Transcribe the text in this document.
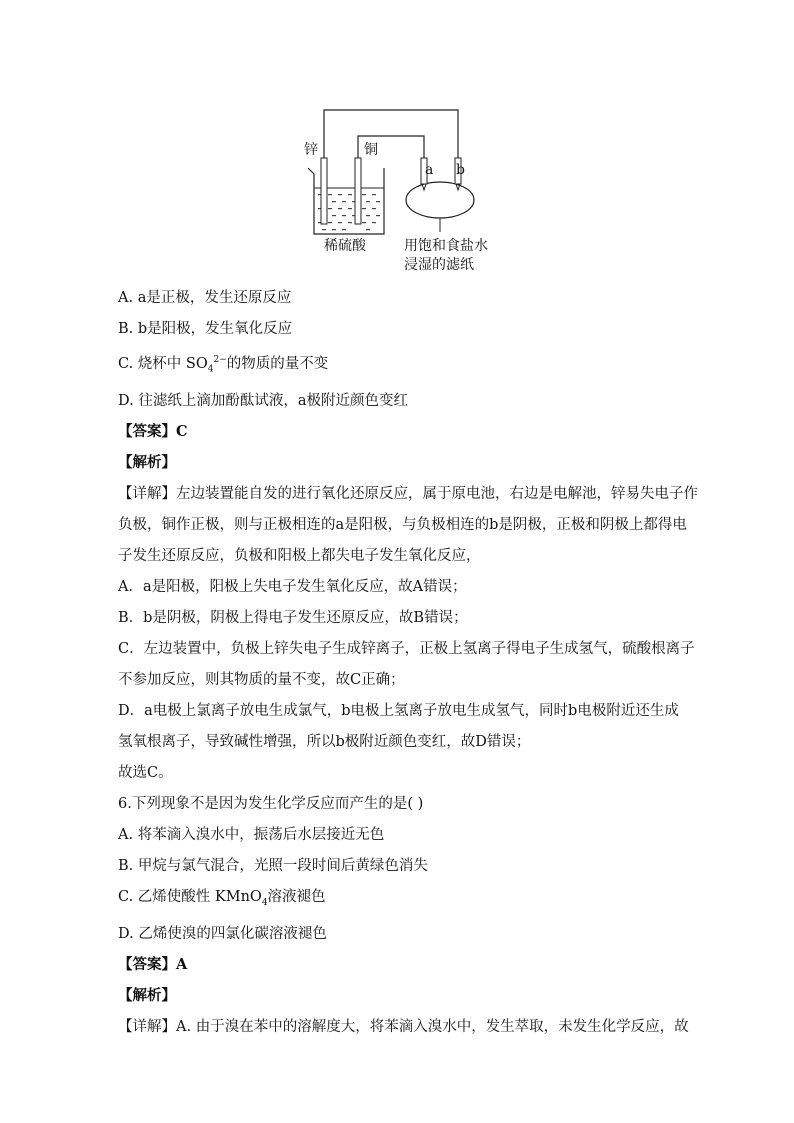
锌	铜
a b
稀硫酸	用饱和食盐水
浸湿的滤纸
A. a是正极，发生还原反应
B. b是阳极，发生氧化反应
C. 烧杯中 $SO_4^{2-}$的物质的量不变
D. 往滤纸上滴加酚酞试液，a极附近颜色变红
【答案】C
【解析】
【详解】左边装置能自发的进行氧化还原反应，属于原电池，右边是电解池，锌易失电子作
负极，铜作正极，则与正极相连的a是阳极，与负极相连的b是阴极，正极和阴极上都得电
子发生还原反应，负极和阳极上都失电子发生氧化反应，
A．a是阳极，阳极上失电子发生氧化反应，故A错误；
B．b是阴极，阴极上得电子发生还原反应，故B错误；
C．左边装置中，负极上锌失电子生成锌离子，正极上氢离子得电子生成氢气，硫酸根离子
不参加反应，则其物质的量不变，故C正确；
D．a电极上氯离子放电生成氯气，b电极上氢离子放电生成氢气，同时b电极附近还生成
氢氧根离子，导致碱性增强，所以b极附近颜色变红，故D错误；
故选C。
6.下列现象不是因为发生化学反应而产生的是( )
A. 将苯滴入溴水中，振荡后水层接近无色
B. 甲烷与氯气混合，光照一段时间后黄绿色消失
C. 乙烯使酸性 KMnO$_4$溶液褪色
D. 乙烯使溴的四氯化碳溶液褪色
【答案】A
【解析】
【详解】A. 由于溴在苯中的溶解度大，将苯滴入溴水中，发生萃取，未发生化学反应，故
